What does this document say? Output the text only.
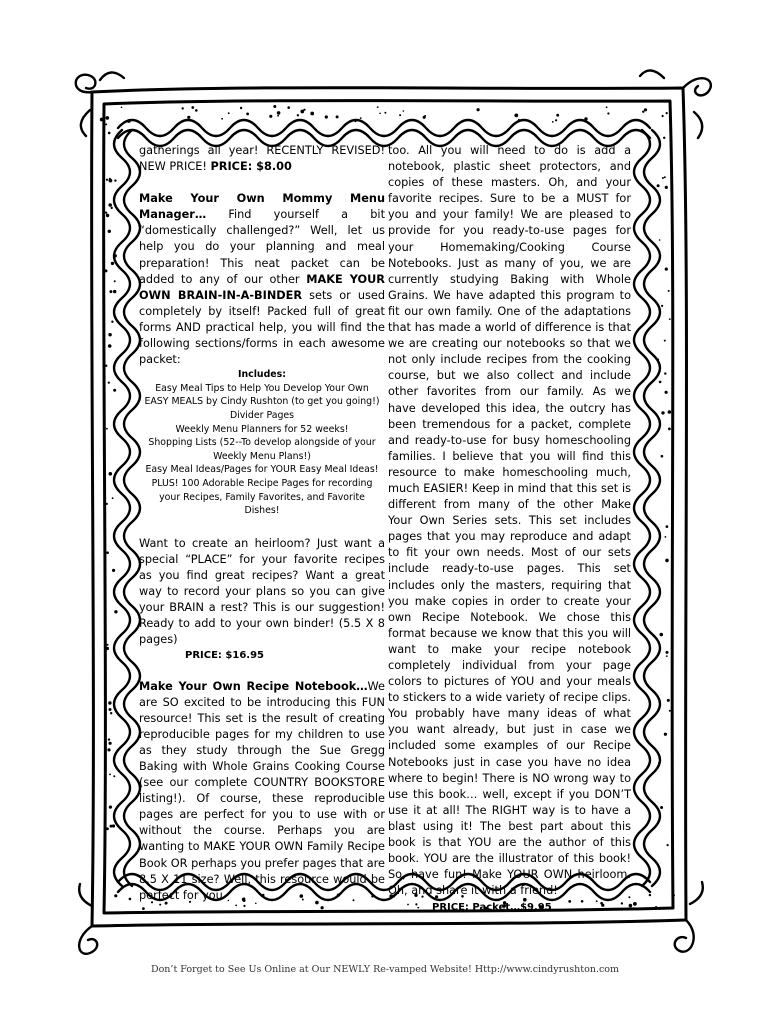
gatherings all year! RECENTLY REVISED! NEW PRICE! PRICE: $8.00

Make Your Own Mommy Menu Manager… Find yourself a bit “domestically challenged?” Well, let us help you do your planning and meal preparation! This neat packet can be added to any of our other MAKE YOUR OWN BRAIN-IN-A-BINDER sets or used completely by itself! Packed full of great forms AND practical help, you will find the following sections/forms in each awesome packet:

Includes:
Easy Meal Tips to Help You Develop Your Own
EASY MEALS by Cindy Rushton (to get you going!)
Divider Pages
Weekly Menu Planners for 52 weeks!
Shopping Lists (52--To develop alongside of your
Weekly Menu Plans!)
Easy Meal Ideas/Pages for YOUR Easy Meal Ideas!
PLUS! 100 Adorable Recipe Pages for recording
your Recipes, Family Favorites, and Favorite
Dishes!

Want to create an heirloom? Just want a special “PLACE” for your favorite recipes as you find great recipes? Want a great way to record your plans so you can give your BRAIN a rest? This is our suggestion! Ready to add to your own binder! (5.5 X 8 pages)

PRICE: $16.95

Make Your Own Recipe Notebook…We are SO excited to be introducing this FUN resource! This set is the result of creating reproducible pages for my children to use as they study through the Sue Gregg Baking with Whole Grains Cooking Course (see our complete COUNTRY BOOKSTORE listing!). Of course, these reproducible pages are perfect for you to use with or without the course. Perhaps you are wanting to MAKE YOUR OWN Family Recipe Book OR perhaps you prefer pages that are 8.5 X 11 size? Well, this resource would be perfect for you

too. All you will need to do is add a notebook, plastic sheet protectors, and copies of these masters. Oh, and your favorite recipes. Sure to be a MUST for you and your family! We are pleased to provide for you ready-to-use pages for your Homemaking/Cooking Course Notebooks. Just as many of you, we are currently studying Baking with Whole Grains. We have adapted this program to fit our own family. One of the adaptations that has made a world of difference is that we are creating our notebooks so that we not only include recipes from the cooking course, but we also collect and include other favorites from our family. As we have developed this idea, the outcry has been tremendous for a packet, complete and ready-to-use for busy homeschooling families. I believe that you will find this resource to make homeschooling much, much EASIER! Keep in mind that this set is different from many of the other Make Your Own Series sets. This set includes pages that you may reproduce and adapt to fit your own needs. Most of our sets include ready-to-use pages. This set includes only the masters, requiring that you make copies in order to create your own Recipe Notebook. We chose this format because we know that this you will want to make your recipe notebook completely individual from your page colors to pictures of YOU and your meals to stickers to a wide variety of recipe clips. You probably have many ideas of what you want already, but just in case we included some examples of our Recipe Notebooks just in case you have no idea where to begin! There is NO wrong way to use this book… well, except if you DON’T use it at all! The RIGHT way is to have a blast using it! The best part about this book is that YOU are the author of this book. YOU are the illustrator of this book! So, have fun! Make YOUR OWN heirloom. Oh, and share it with a friend!

PRICE: Packet…$9.95
Don’t Forget to See Us Online at Our NEWLY Re-vamped Website! Http://www.cindyrushton.com
